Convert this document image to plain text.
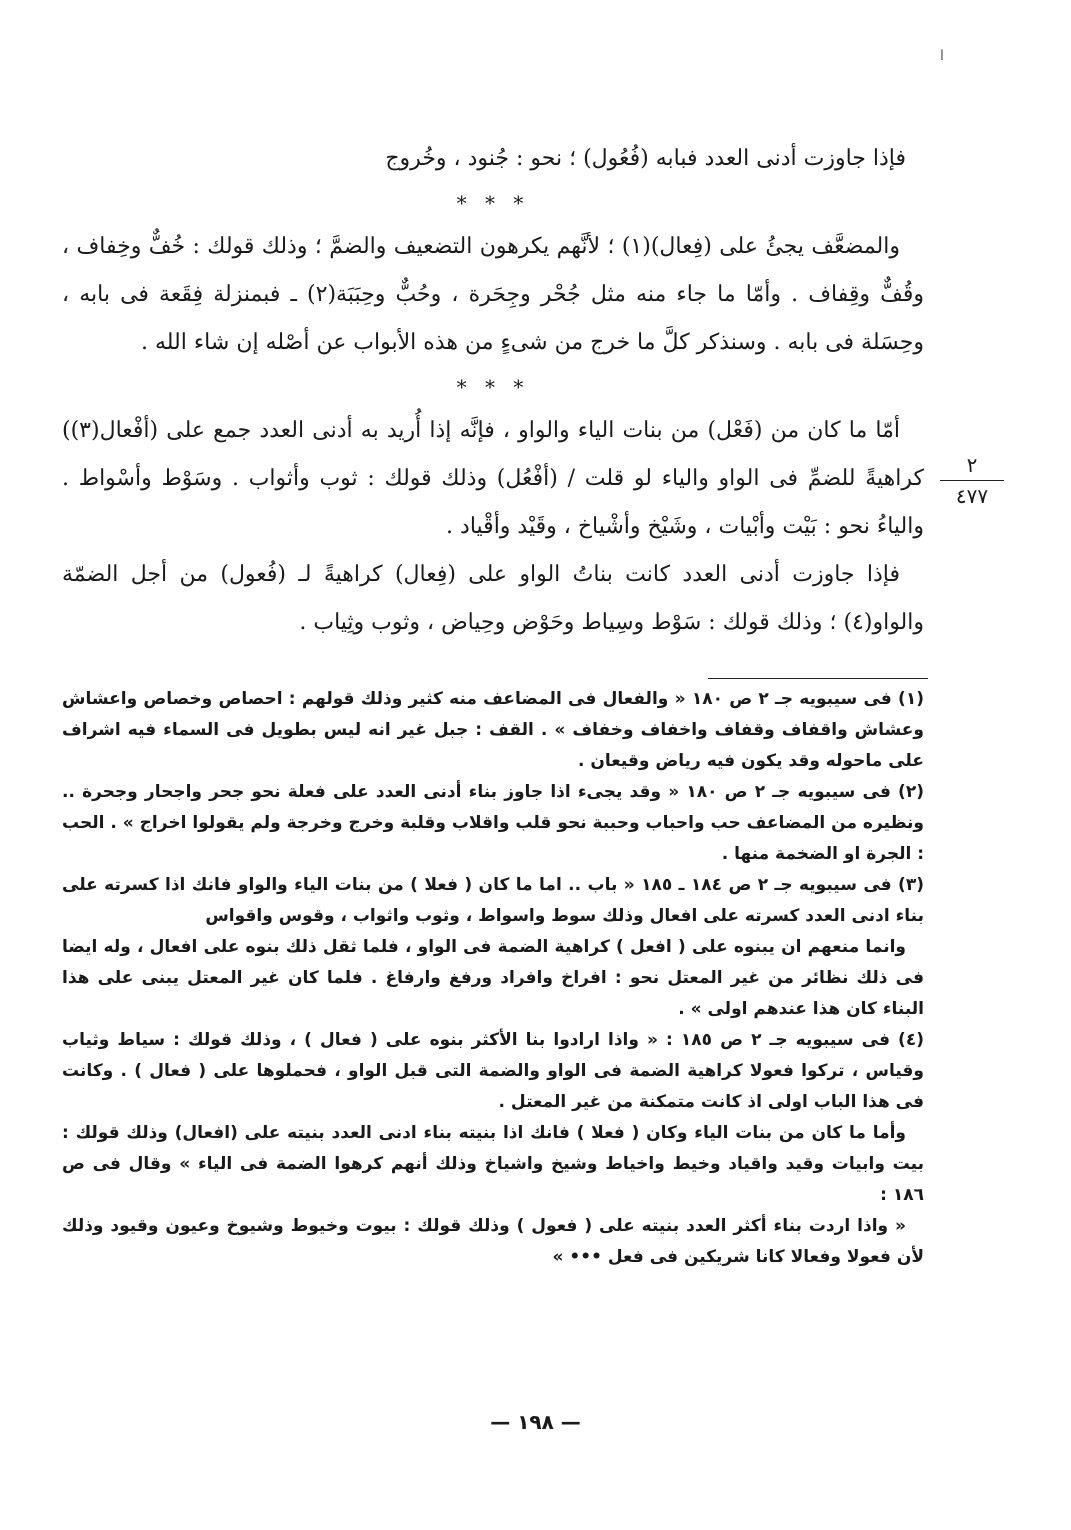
ا

فإذا جاوزت أدنى العدد فبابه (فُعُول) ؛ نحو : جُنود ، وخُروج

* * *

والمضعَّف يجئُ على (فِعال)(١) ؛ لأنَّهم يكرهون التضعيف والضمَّ ؛ وذلك قولك : خُفٌّ وخِفاف ، وقُفٌّ وقِفاف . وأمّا ما جاء منه مثل جُحْر وجِحَرة ، وحُبٌّ وحِبَبَة(٢) ـ فبمنزلة فِقَعة فى بابه ، وحِسَلة فى بابه . وسنذكر كلَّ ما خرج من شىءٍ من هذه الأبواب عن أصْله إن شاء الله .

* * *

أمّا ما كان من (فَعْل) من بنات الياء والواو ، فإنَّه إذا أُريد به أدنى العدد جمع على (أفْعال(٣)) كراهيةً للضمِّ فى الواو والياء لو قلت / (أفْعُل) وذلك قولك : ثوب وأثواب . وسَوْط وأسْواط . والياءُ نحو : بَيْت وأبْيات ، وشَيْخ وأشْياخ ، وقَيْد وأقْياد .

فإذا جاوزت أدنى العدد كانت بناتُ الواو على (فِعال) كراهيةً لـ (فُعول) من أجل الضمّة والواو(٤) ؛ وذلك قولك : سَوْط وسِياط وحَوْض وحِياض ، وثوب وثِياب .

٢
٤٧٧

(١) فى سيبويه جـ ٢ ص ١٨٠ « والفعال فى المضاعف منه كثير وذلك قولهم : احصاص وخصاص واعشاش وعشاش واقفاف وقفاف واخفاف وخفاف » . القف : جبل غير انه ليس بطويل فى السماء فيه اشراف على ماحوله وقد يكون فيه رياض وقيعان .

(٢) فى سيبويه جـ ٢ ص ١٨٠ « وقد يجىء اذا جاوز بناء أدنى العدد على فعلة نحو جحر واجحار وجحرة .. ونظيره من المضاعف حب واحباب وحببة نحو قلب واقلاب وقلبة وخرج وخرجة ولم يقولوا اخراج » . الحب : الجرة او الضخمة منها .

(٣) فى سيبويه جـ ٢ ص ١٨٤ ـ ١٨٥ « باب .. اما ما كان ( فعلا ) من بنات الياء والواو فانك اذا كسرته على بناء ادنى العدد كسرته على افعال وذلك سوط واسواط ، وثوب واثواب ، وقوس واقواس

وانما منعهم ان يبنوه على ( افعل ) كراهية الضمة فى الواو ، فلما ثقل ذلك بنوه على افعال ، وله ايضا فى ذلك نظائر من غير المعتل نحو : افراخ وافراد ورفغ وارفاغ . فلما كان غير المعتل يبنى على هذا البناء كان هذا عندهم اولى » .

(٤) فى سيبويه جـ ٢ ص ١٨٥ : « واذا ارادوا بنا الأكثر بنوه على ( فعال ) ، وذلك قولك : سياط وثياب وقياس ، تركوا فعولا كراهية الضمة فى الواو والضمة التى قبل الواو ، فحملوها على ( فعال ) . وكانت فى هذا الباب اولى اذ كانت متمكنة من غير المعتل .

وأما ما كان من بنات الياء وكان ( فعلا ) فانك اذا بنيته بناء ادنى العدد بنيته على (افعال) وذلك قولك : بيت وابيات وقيد واقياد وخيط واخياط وشيخ واشياخ وذلك أنهم كرهوا الضمة فى الياء » وقال فى ص ١٨٦ :

« واذا اردت بناء أكثر العدد بنيته على ( فعول ) وذلك قولك : بيوت وخيوط وشيوخ وعيون وقيود وذلك لأن فعولا وفعالا كانا شريكين فى فعل ••• »

— ١٩٨ —
